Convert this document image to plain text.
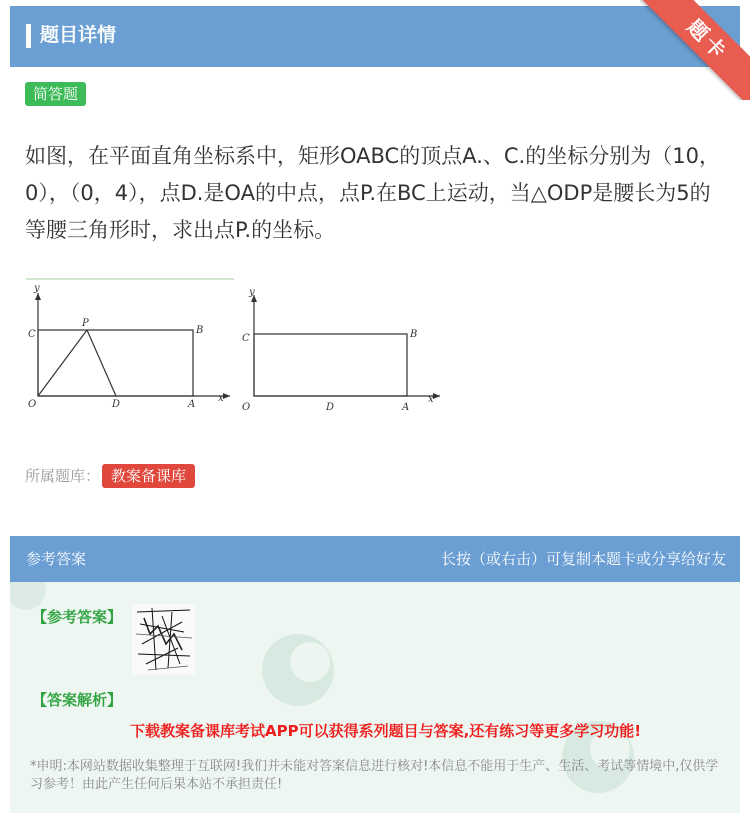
题目详情	题卡
简答题
如图，在平面直角坐标系中，矩形OABC的顶点A.、C.的坐标分别为（10，0），（0，4），点D.是OA的中点，点P.在BC上运动，当△ODP是腰长为5的等腰三角形时，求出点P.的坐标。
y
C
P
B
O	D	A
x
y
C	B
O	D	A
x
所属题库： 教案备课库
参考答案	长按（或右击）可复制本题卡或分享给好友
【参考答案】
【答案解析】
下载教案备课库考试APP可以获得系列题目与答案,还有练习等更多学习功能!
*申明:本网站数据收集整理于互联网!我们并未能对答案信息进行核对!本信息不能用于生产、生活、考试等情境中,仅供学习参考！由此产生任何后果本站不承担责任!
